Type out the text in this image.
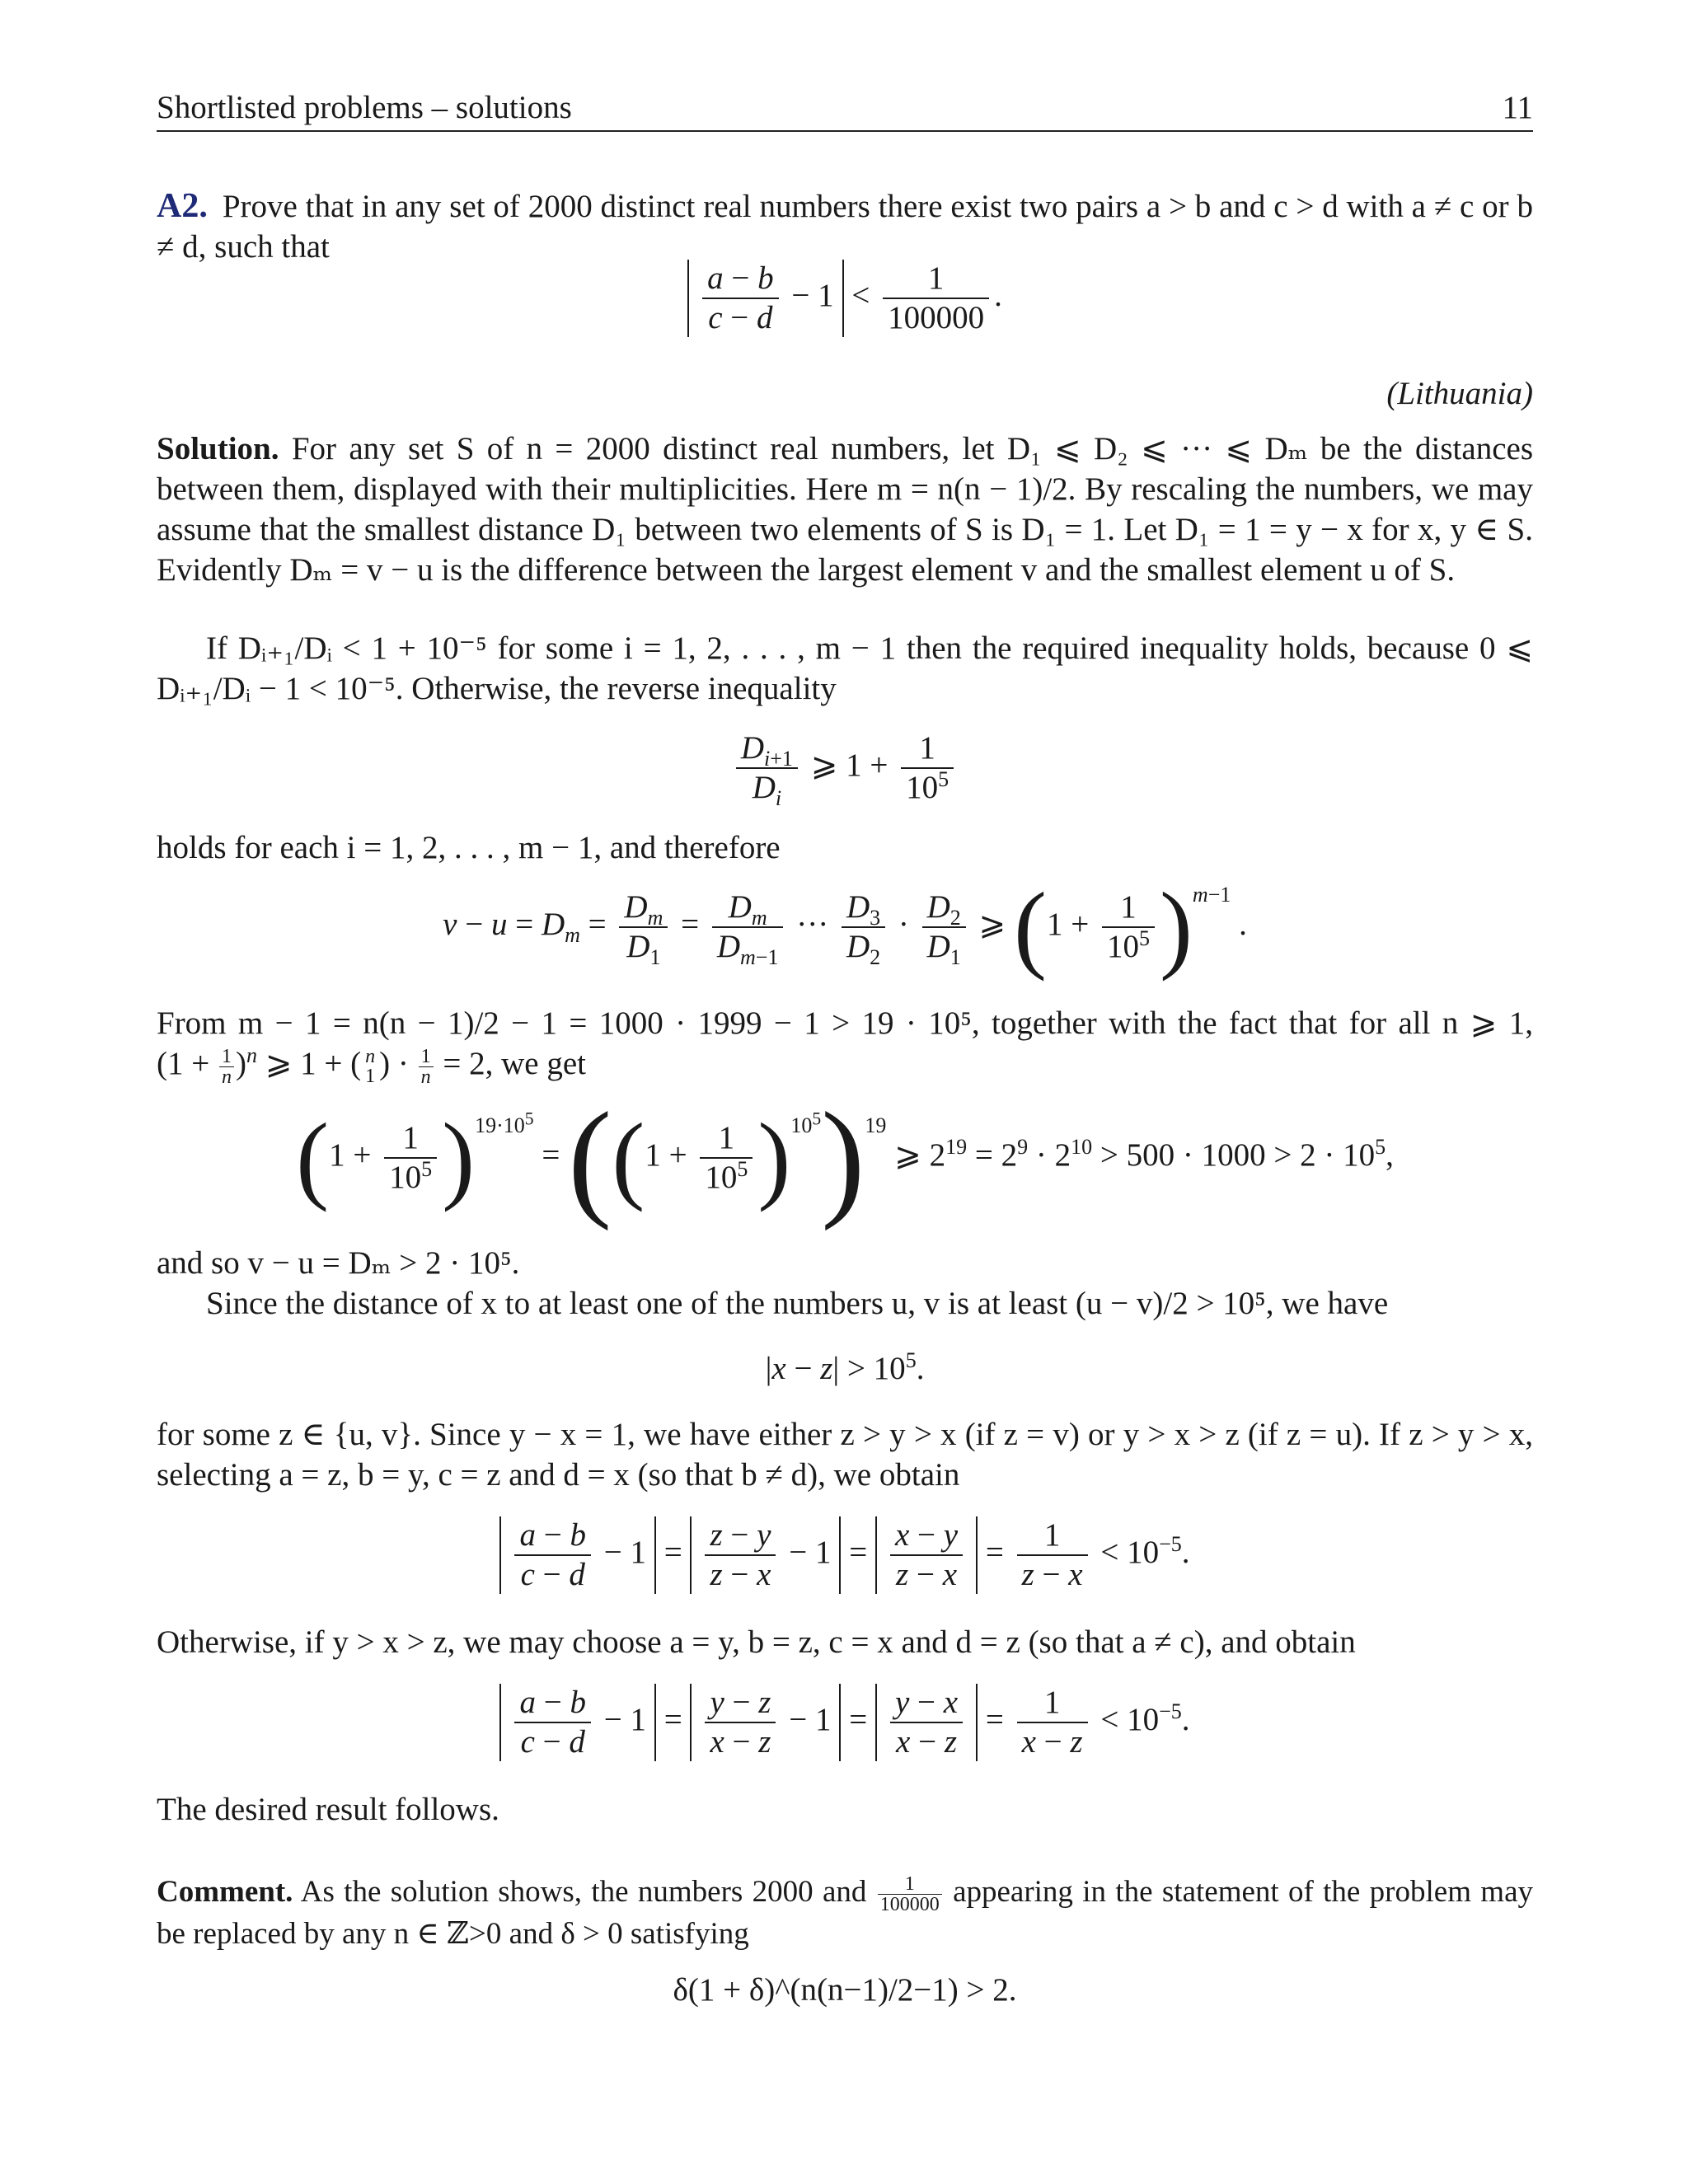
Shortlisted problems – solutions	11
A2. Prove that in any set of 2000 distinct real numbers there exist two pairs a > b and c > d with a ≠ c or b ≠ d, such that
$\frac{a - b}{c - d} - 1 < \frac{1}{100000}$ .
(Lithuania)
Solution. For any set S of n = 2000 distinct real numbers, let D₁ ⩽ D₂ ⩽ ··· ⩽ Dₘ be the distances between them, displayed with their multiplicities. Here m = n(n − 1)/2. By rescaling the numbers, we may assume that the smallest distance D₁ between two elements of S is D₁ = 1. Let D₁ = 1 = y − x for x, y ∈ S. Evidently Dₘ = v − u is the difference between the largest element v and the smallest element u of S.
If Dᵢ₊₁/Dᵢ < 1 + 10⁻⁵ for some i = 1, 2, . . . , m − 1 then the required inequality holds, because 0 ⩽ Dᵢ₊₁/Dᵢ − 1 < 10⁻⁵. Otherwise, the reverse inequality
$\frac{D_{i+1}}{D_i}$ ⩾ $1 + \frac{1}{10^5}$
holds for each i = 1, 2, . . . , m − 1, and therefore
$v - u = D_m = \frac{D_m}{D_1} = \frac{D_m}{D_{m-1}}$ ··· $\frac{D_3}{D_2} \cdot \frac{D_2}{D_1}$ ⩾ $(1 + \frac{1}{10^5} )^{m-1}$ .
From m − 1 = n(n − 1)/2 − 1 = 1000 · 1999 − 1 > 19 · 10⁵, together with the fact that for all n ⩾ 1, $(1 + \frac{1}{n} )^n$ ⩾ 1 + ( n
1 ) · $\frac{1}{n} = 2$, we get
$(1 + \frac{1}{10^5} )^{19\cdot 10^5} = ((1 + \frac{1}{10^5} )^{10^5})^{19}$ ⩾ $2^{19} = 2^9 \cdot 2^{10} > 500 \cdot 1000 > 2 \cdot 10^5$,
and so v − u = Dₘ > 2 · 10⁵.
Since the distance of x to at least one of the numbers u, v is at least (u − v)/2 > 10⁵, we have
$|x - z| > 10^5$.
for some z ∈ {u, v}. Since y − x = 1, we have either z > y > x (if z = v) or y > x > z (if z = u). If z > y > x, selecting a = z, b = y, c = z and d = x (so that b ≠ d), we obtain
$\frac{a - b}{c - d} - 1 = \frac{z - y}{z - x} - 1 = \frac{x - y}{z - x} = \frac{1}{z - x} < 10^{-5}$.
Otherwise, if y > x > z, we may choose a = y, b = z, c = x and d = z (so that a ≠ c), and obtain
$\frac{a - b}{c - d} - 1 = \frac{y - z}{x - z} - 1 = \frac{y - x}{x - z} = \frac{1}{x - z} < 10^{-5}$.
The desired result follows.
Comment. As the solution shows, the numbers 2000 and $\frac{1}{100000}$ appearing in the statement of the problem may be replaced by any n ∈ ℤ>0 and δ > 0 satisfying
δ(1 + δ)^(n(n−1)/2−1) > 2.
